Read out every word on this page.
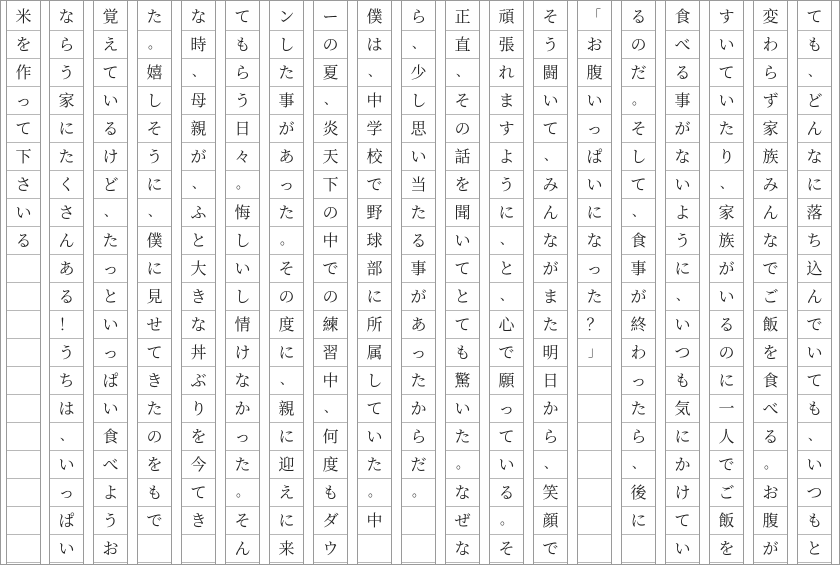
米
を
作
っ
て
下
さ
い
る
な
ら
う
家
に
た
く
さ
ん
あ
る
！
う
ち
は
、
い
っ
ぱ
い
覚
え
て
い
る
け
ど
、
た
っ
と
い
っ
ぱ
い
食
べ
よ
う
お
た
。
嬉
し
そ
う
に
、
僕
に
見
せ
て
き
た
の
を
も
で
な
時
、
母
親
が
、
ふ
と
大
き
な
丼
ぶ
り
を
今
て
き
て
も
ら
う
日
々
。
悔
し
い
し
情
け
な
か
っ
た
。
そ
ん
ン
し
た
事
が
あ
っ
た
。
そ
の
度
に
、
親
に
迎
え
に
来
ー
の
夏
、
炎
天
下
の
中
で
の
練
習
中
、
何
度
も
ダ
ウ
僕
は
、
中
学
校
で
野
球
部
に
所
属
し
て
い
た
。
中
ら
、
少
し
思
い
当
た
る
事
が
あ
っ
た
か
ら
だ
。
正
直
、
そ
の
話
を
聞
い
て
と
て
も
驚
い
た
。
な
ぜ
な
頑
張
れ
ま
す
よ
う
に
、
と
、
心
で
願
っ
て
い
る
。
そ
そ
う
闘
い
て
、
み
ん
な
が
ま
た
明
日
か
ら
、
笑
顔
で
「
お
腹
い
っ
ぱ
い
に
な
っ
た
？
」
る
の
だ
。
そ
し
て
、
食
事
が
終
わ
っ
た
ら
、
後
に
食
べ
る
事
が
な
い
よ
う
に
、
い
つ
も
気
に
か
け
て
い
す
い
て
い
た
り
、
家
族
が
い
る
の
に
一
人
で
ご
飯
を
変
わ
ら
ず
家
族
み
ん
な
で
ご
飯
を
食
べ
る
。
お
腹
が
て
も
、
ど
ん
な
に
落
ち
込
ん
で
い
て
も
、
い
つ
も
と
